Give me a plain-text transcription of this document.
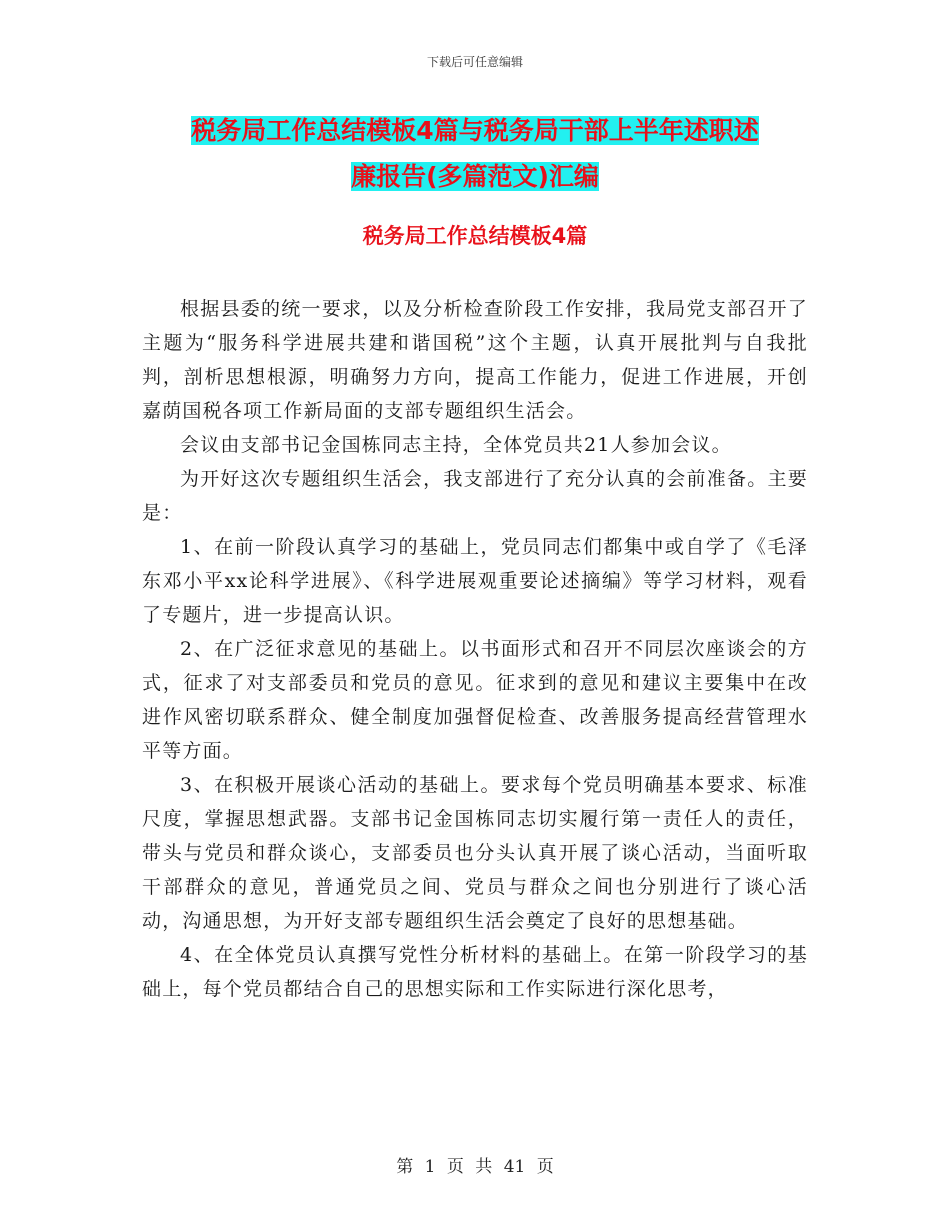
下载后可任意编辑
税务局工作总结模板4篇与税务局干部上半年述职述
廉报告(多篇范文)汇编
税务局工作总结模板4篇

根据县委的统一要求，以及分析检查阶段工作安排，我局党支部召开了主题为“服务科学进展共建和谐国税”这个主题，认真开展批判与自我批判，剖析思想根源，明确努力方向，提高工作能力，促进工作进展，开创嘉荫国税各项工作新局面的支部专题组织生活会。

会议由支部书记金国栋同志主持，全体党员共21人参加会议。

为开好这次专题组织生活会，我支部进行了充分认真的会前准备。主要是：

1、在前一阶段认真学习的基础上，党员同志们都集中或自学了《毛泽东邓小平xx论科学进展》、《科学进展观重要论述摘编》等学习材料，观看了专题片，进一步提高认识。

2、在广泛征求意见的基础上。以书面形式和召开不同层次座谈会的方式，征求了对支部委员和党员的意见。征求到的意见和建议主要集中在改进作风密切联系群众、健全制度加强督促检查、改善服务提高经营管理水平等方面。

3、在积极开展谈心活动的基础上。要求每个党员明确基本要求、标准尺度，掌握思想武器。支部书记金国栋同志切实履行第一责任人的责任，带头与党员和群众谈心，支部委员也分头认真开展了谈心活动，当面听取干部群众的意见，普通党员之间、党员与群众之间也分别进行了谈心活动，沟通思想，为开好支部专题组织生活会奠定了良好的思想基础。

4、在全体党员认真撰写党性分析材料的基础上。在第一阶段学习的基础上，每个党员都结合自己的思想实际和工作实际进行深化思考，

第 1 页 共 41 页
